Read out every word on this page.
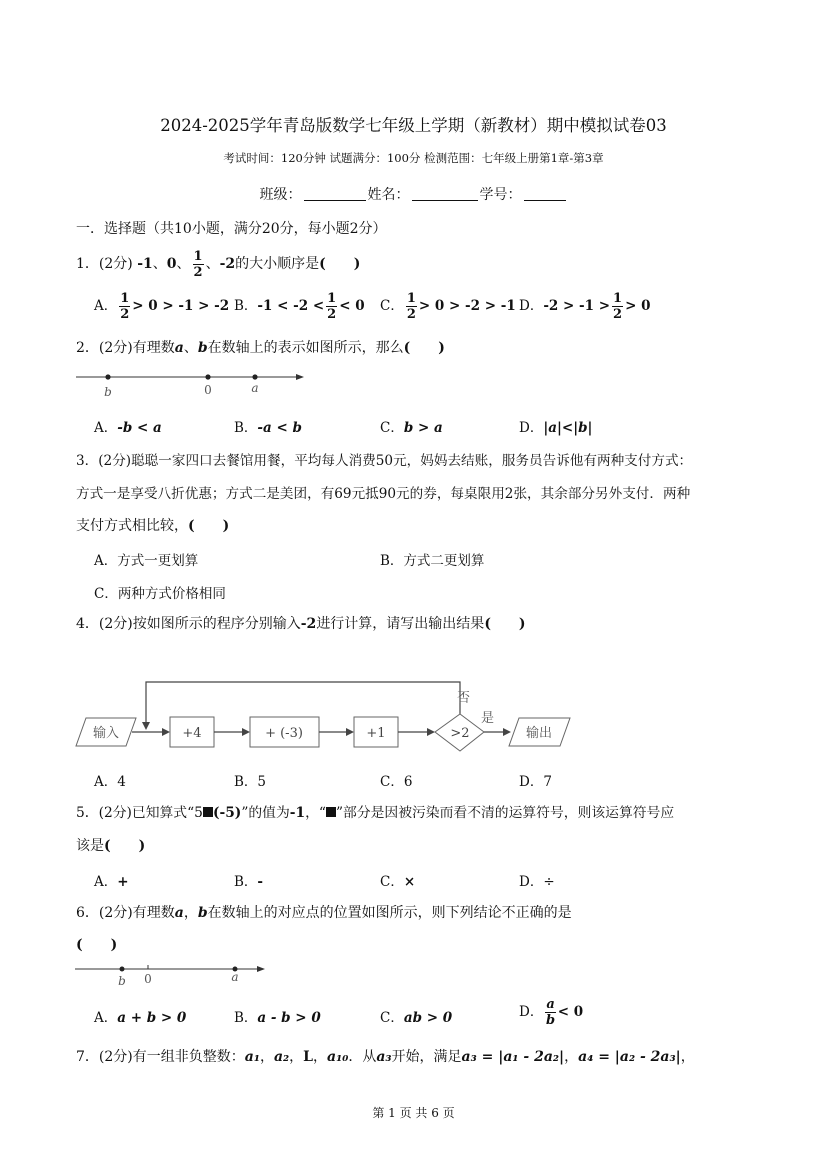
2024-2025学年青岛版数学七年级上学期（新教材）期中模拟试卷03
考试时间：120分钟 试题满分：100分 检测范围：七年级上册第1章-第3章
班级：	姓名：	学号：
一．选择题（共10小题，满分20分，每小题2分）
1．(2分) -1、0、 $\frac{1}{2}$ 、-2的大小顺序是(　　)
A． $\frac{1}{2} > 0 > -1 > -2$ B．$-1 < -2 < \frac{1}{2} < 0$ C． $\frac{1}{2} > 0 > -2 > -1$ D．$-2 > -1 > \frac{1}{2} > 0$
2．(2分)有理数a、b在数轴上的表示如图所示，那么(　　)
b	0	a
A．-b < a	B．-a < b	C．b > a	D．|a|<|b|
3．(2分)聪聪一家四口去餐馆用餐，平均每人消费50元，妈妈去结账，服务员告诉他有两种支付方式：
方式一是享受八折优惠；方式二是美团，有69元抵90元的券，每桌限用2张，其余部分另外支付．两种
支付方式相比较，(　　)
A．方式一更划算	B．方式二更划算
C．两种方式价格相同
4．(2分)按如图所示的程序分别输入-2进行计算，请写出输出结果(　　)
否
输入	+4	+ (-3)	+1	>2
是
输出
A．4	B．5	C．6	D．7
5．(2分)已知算式“5 (-5)”的值为-1，“ ”部分是因被污染而看不清的运算符号，则该运算符号应
该是(　　)
A．+	B．-	C．×	D．÷
6．(2分)有理数a，b在数轴上的对应点的位置如图所示，则下列结论不正确的是
(　　)
b 0	a
A．a + b > 0	B．a - b > 0	C．ab > 0	D． $\frac{a}{b} < 0$
7．(2分)有一组非负整数：a₁，a₂，L，a₁₀．从a₃开始，满足a₃ = |a₁ - 2a₂|，a₄ = |a₂ - 2a₃|，
第 1 页 共 6 页
